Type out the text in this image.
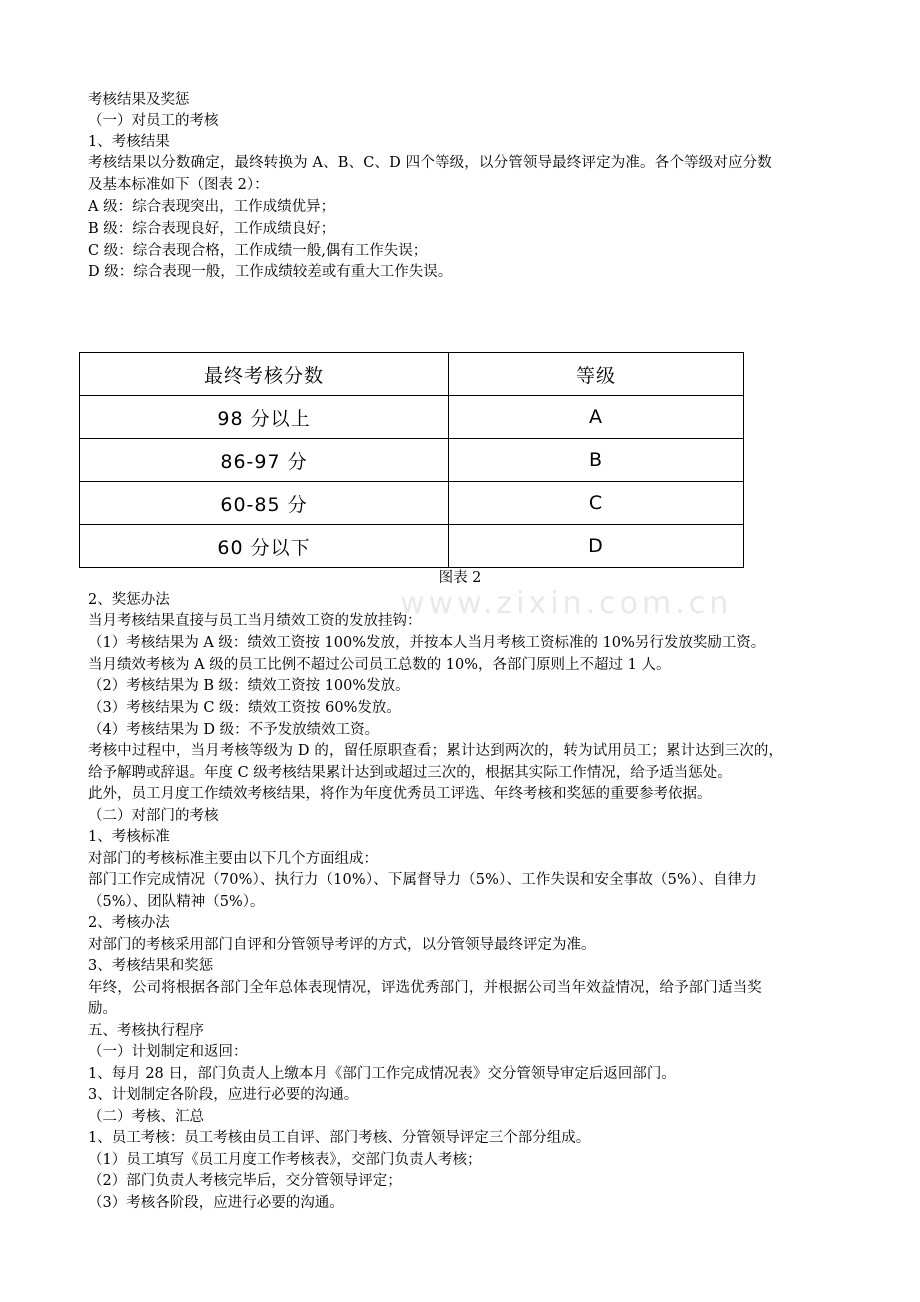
考核结果及奖惩
（一）对员工的考核
1、考核结果
考核结果以分数确定，最终转换为 A、B、C、D 四个等级，以分管领导最终评定为准。各个等级对应分数
及基本标准如下（图表 2）：
A 级：综合表现突出，工作成绩优异；
B 级：综合表现良好，工作成绩良好；
C 级：综合表现合格，工作成绩一般,偶有工作失误；
D 级：综合表现一般，工作成绩较差或有重大工作失误。
最终考核分数	等级
98 分以上	A
86-97 分	B
60-85 分	C
60 分以下	D
图表 2
www.zixin.com.cn
2、奖惩办法
当月考核结果直接与员工当月绩效工资的发放挂钩：
（1）考核结果为 A 级：绩效工资按 100%发放，并按本人当月考核工资标准的 10%另行发放奖励工资。
当月绩效考核为 A 级的员工比例不超过公司员工总数的 10%，各部门原则上不超过 1 人。
（2）考核结果为 B 级：绩效工资按 100%发放。
（3）考核结果为 C 级：绩效工资按 60%发放。
（4）考核结果为 D 级：不予发放绩效工资。
考核中过程中，当月考核等级为 D 的，留任原职查看；累计达到两次的，转为试用员工；累计达到三次的，
给予解聘或辞退。年度 C 级考核结果累计达到或超过三次的，根据其实际工作情况，给予适当惩处。
此外，员工月度工作绩效考核结果，将作为年度优秀员工评选、年终考核和奖惩的重要参考依据。
（二）对部门的考核
1、考核标准
对部门的考核标准主要由以下几个方面组成：
部门工作完成情况（70%）、执行力（10%）、下属督导力（5%）、工作失误和安全事故（5%）、自律力
（5%）、团队精神（5%）。
2、考核办法
对部门的考核采用部门自评和分管领导考评的方式，以分管领导最终评定为准。
3、考核结果和奖惩
年终，公司将根据各部门全年总体表现情况，评选优秀部门，并根据公司当年效益情况，给予部门适当奖
励。
五、考核执行程序
（一）计划制定和返回：
1、每月 28 日，部门负责人上缴本月《部门工作完成情况表》交分管领导审定后返回部门。
3、计划制定各阶段，应进行必要的沟通。
（二）考核、汇总
1、员工考核：员工考核由员工自评、部门考核、分管领导评定三个部分组成。
（1）员工填写《员工月度工作考核表》，交部门负责人考核；
（2）部门负责人考核完毕后，交分管领导评定；
（3）考核各阶段，应进行必要的沟通。
